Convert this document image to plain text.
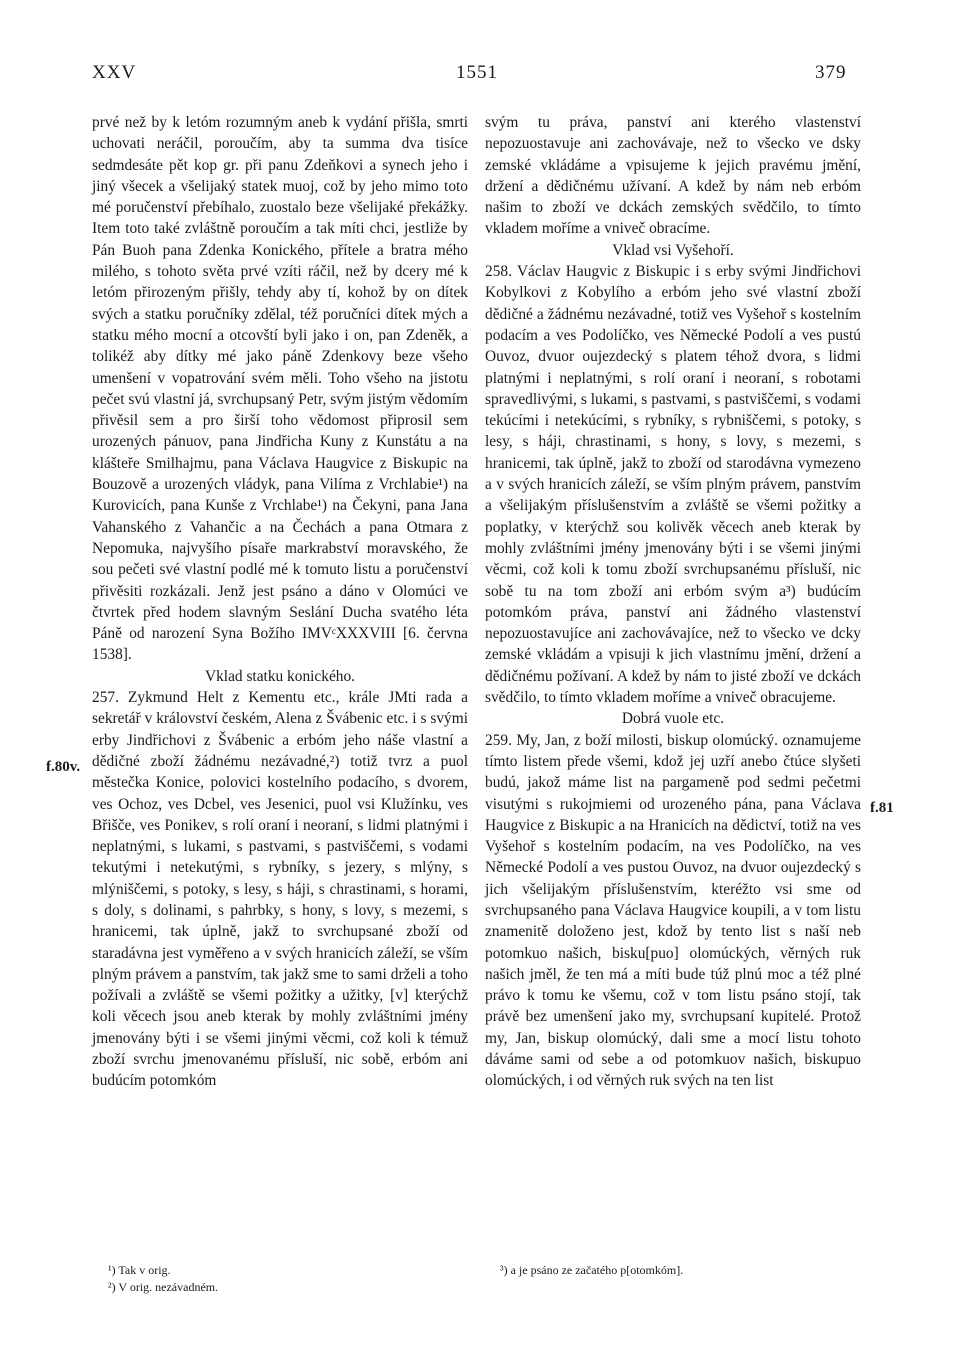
XXV	1551	379

prvé než by k letóm rozumným aneb k vydání přišla, smrti uchovati neráčil, poroučím, aby ta summa dva tisíce sedmdesáte pět kop gr. při panu Zdeňkovi a synech jeho i jiný všecek a všelijaký statek muoj, což by jeho mimo toto mé poručenství přebíhalo, zuostalo beze všelijaké překážky. Item toto také zvláštně poroučím a tak míti chci, jestliže by Pán Buoh pana Zdenka Konického, přítele a bratra mého milého, s tohoto světa prvé vzíti ráčil, než by dcery mé k letóm přirozeným přišly, tehdy aby tí, kohož by on dítek svých a statku poručníky zdělal, též poručníci dítek mých a statku mého mocní a otcovští byli jako i on, pan Zdeněk, a tolikéž aby dítky mé jako páně Zdenkovy beze všeho umenšení v vopatrování svém měli. Toho všeho na jistotu pečet svú vlastní já, svrchupsaný Petr, svým jistým vědomím přivěsil sem a pro širší toho vědomost připrosil sem urozených pánuov, pana Jindřicha Kuny z Kunstátu a na klášteře Smilhajmu, pana Václava Haugvice z Biskupic na Bouzově a urozených vládyk, pana Vilíma z Vrchlabie¹) na Kurovicích, pana Kunše z Vrchlabe¹) na Čekyni, pana Jana Vahanského z Vahančic a na Čechách a pana Otmara z Nepomuka, najvyšího písaře markrabství moravského, že sou pečeti své vlastní podlé mé k tomuto listu a poručenství přivěsiti rozkázali. Jenž jest psáno a dáno v Olomúci ve čtvrtek před hodem slavným Seslání Ducha svatého léta Páně od narození Syna Božího IMVᶜXXXVIII [6. června 1538].

Vklad statku konického.

257. Zykmund Helt z Kementu etc., krále JMti rada a sekretář v království českém, Alena z Švábenic etc. i s svými erby Jindřichovi z Švábenic a erbóm jeho náše vlastní a dědičné zboží žádnému nezávadné,²) totiž tvrz a puol městečka Konice, polovici kostelního podacího, s dvorem, ves Ochoz, ves Dcbel, ves Jesenici, puol vsi Klužínku, ves Břišče, ves Ponikev, s rolí oraní i neoraní, s lidmi platnými i neplatnými, s lukami, s pastvami, s pastviščemi, s vodami tekutými i netekutými, s rybníky, s jezery, s mlýny, s mlýniščemi, s potoky, s lesy, s háji, s chrastinami, s horami, s doly, s dolinami, s pahrbky, s hony, s lovy, s mezemi, s hranicemi, tak úplně, jakž to svrchupsané zboží od staradávna jest vyměřeno a v svých hranicích záleží, se vším plným právem a panstvím, tak jakž sme to sami drželi a toho požívali a zvláště se všemi požitky a užitky, [v] kterýchž koli věcech jsou aneb kterak by mohly zvláštními jmény jmenovány býti i se všemi jinými věcmi, což koli k témuž zboží svrchu jmenovanému přísluší, nic sobě, erbóm ani budúcím potomkóm

svým tu práva, panství ani kterého vlastenství nepozuostavuje ani zachovávaje, než to všecko ve dsky zemské vkládáme a vpisujeme k jejich pravému jmění, držení a dědičnému užívaní. A kdež by nám neb erbóm našim to zboží ve dckách zemských svědčilo, to tímto vkladem moříme a vniveč obracíme.

Vklad vsi Vyšehoří.

258. Václav Haugvic z Biskupic i s erby svými Jindřichovi Kobylkovi z Kobylího a erbóm jeho své vlastní zboží dědičné a žádnému nezávadné, totiž ves Vyšehoř s kostelním podacím a ves Podolíčko, ves Německé Podolí a ves pustú Ouvoz, dvuor oujezdecký s platem téhož dvora, s lidmi platnými i neplatnými, s rolí oraní i neoraní, s robotami spravedlivými, s lukami, s pastvami, s pastviščemi, s vodami tekúcími i netekúcími, s rybníky, s rybniščemi, s potoky, s lesy, s háji, chrastinami, s hony, s lovy, s mezemi, s hranicemi, tak úplně, jakž to zboží od starodávna vymezeno a v svých hranicích záleží, se vším plným právem, panstvím a všelijakým příslušenstvím a zvláště se všemi požitky a poplatky, v kterýchž sou kolivěk věcech aneb kterak by mohly zvláštními jmény jmenovány býti i se všemi jinými věcmi, což koli k tomu zboží svrchupsanému přísluší, nic sobě tu na tom zboží ani erbóm svým a³) budúcím potomkóm práva, panství ani žádného vlastenství nepozuostavujíce ani zachovávajíce, než to všecko ve dcky zemské vkládám a vpisuji k jich vlastnímu jmění, držení a dědičnému požívaní. A kdež by nám to jisté zboží ve dckách svědčilo, to tímto vkladem moříme a vniveč obracujeme.

Dobrá vuole etc.

259. My, Jan, z boží milosti, biskup olomúcký. oznamujeme tímto listem přede všemi, kdož jej uzří anebo čtúce slyšeti budú, jakož máme list na pargameně pod sedmi pečetmi visutými s rukojmiemi od urozeného pána, pana Václava Haugvice z Biskupic a na Hranicích na dědictví, totiž na ves Vyšehoř s kostelním podacím, na ves Podolíčko, na ves Německé Podolí a ves pustou Ouvoz, na dvuor oujezdecký s jich všelijakým příslušenstvím, kteréžto vsi sme od svrchupsaného pana Václava Haugvice koupili, a v tom listu znamenitě doloženo jest, kdož by tento list s naší neb potomkuo našich, bisku[puo] olomúckých, věrných ruk našich jměl, že ten má a míti bude túž plnú moc a též plné právo k tomu ke všemu, což v tom listu psáno stojí, tak právě bez umenšení jako my, svrchupsaní kupitelé. Protož my, Jan, biskup olomúcký, dali sme a mocí listu tohoto dáváme sami od sebe a od potomkuov našich, biskupuo olomúckých, i od věrných ruk svých na ten list

f.80v.
f.81
¹) Tak v orig.
²) V orig. nezávadném.
³) a je psáno ze začatého p[otomkóm].
